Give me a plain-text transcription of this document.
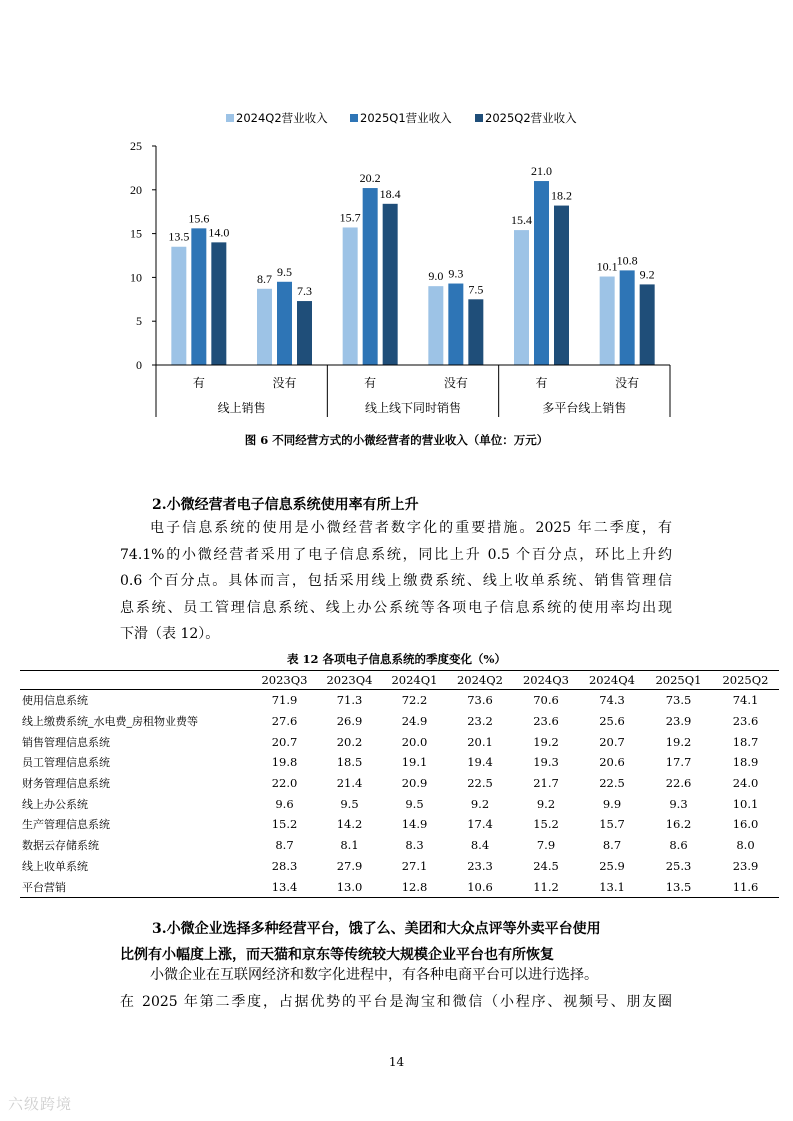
2024Q2营业收入	2025Q1营业收入	2025Q2营业收入
0
5
10
15
20
25
13.5
8.7
15.7
9.0
15.4
10.1
15.6
9.5
20.2
9.3
21.0
10.8
14.0
7.3
18.4
7.5
18.2
9.2
有	没有	有	没有	有	没有
线上销售	线上线下同时销售	多平台线上销售
图 6 不同经营方式的小微经营者的营业收入（单位：万元）
2.小微经营者电子信息系统使用率有所上升
电子信息系统的使用是小微经营者数字化的重要措施。2025 年二季度，有
74.1%的小微经营者采用了电子信息系统，同比上升 0.5 个百分点，环比上升约
0.6 个百分点。具体而言，包括采用线上缴费系统、线上收单系统、销售管理信
息系统、员工管理信息系统、线上办公系统等各项电子信息系统的使用率均出现
下滑（表 12）。
表 12 各项电子信息系统的季度变化（%）
	2023Q3	2023Q4	2024Q1	2024Q2	2024Q3	2024Q4	2025Q1	2025Q2
使用信息系统	71.9	71.3	72.2	73.6	70.6	74.3	73.5	74.1
线上缴费系统_水电费_房租物业费等	27.6	26.9	24.9	23.2	23.6	25.6	23.9	23.6
销售管理信息系统	20.7	20.2	20.0	20.1	19.2	20.7	19.2	18.7
员工管理信息系统	19.8	18.5	19.1	19.4	19.3	20.6	17.7	18.9
财务管理信息系统	22.0	21.4	20.9	22.5	21.7	22.5	22.6	24.0
线上办公系统	9.6	9.5	9.5	9.2	9.2	9.9	9.3	10.1
生产管理信息系统	15.2	14.2	14.9	17.4	15.2	15.7	16.2	16.0
数据云存储系统	8.7	8.1	8.3	8.4	7.9	8.7	8.6	8.0
线上收单系统	28.3	27.9	27.1	23.3	24.5	25.9	25.3	23.9
平台营销	13.4	13.0	12.8	10.6	11.2	13.1	13.5	11.6
3.小微企业选择多种经营平台，饿了么、美团和大众点评等外卖平台使用
比例有小幅度上涨，而天猫和京东等传统较大规模企业平台也有所恢复
小微企业在互联网经济和数字化进程中，有各种电商平台可以进行选择。
在 2025 年第二季度，占据优势的平台是淘宝和微信（小程序、视频号、朋友圈
14
六级跨境
